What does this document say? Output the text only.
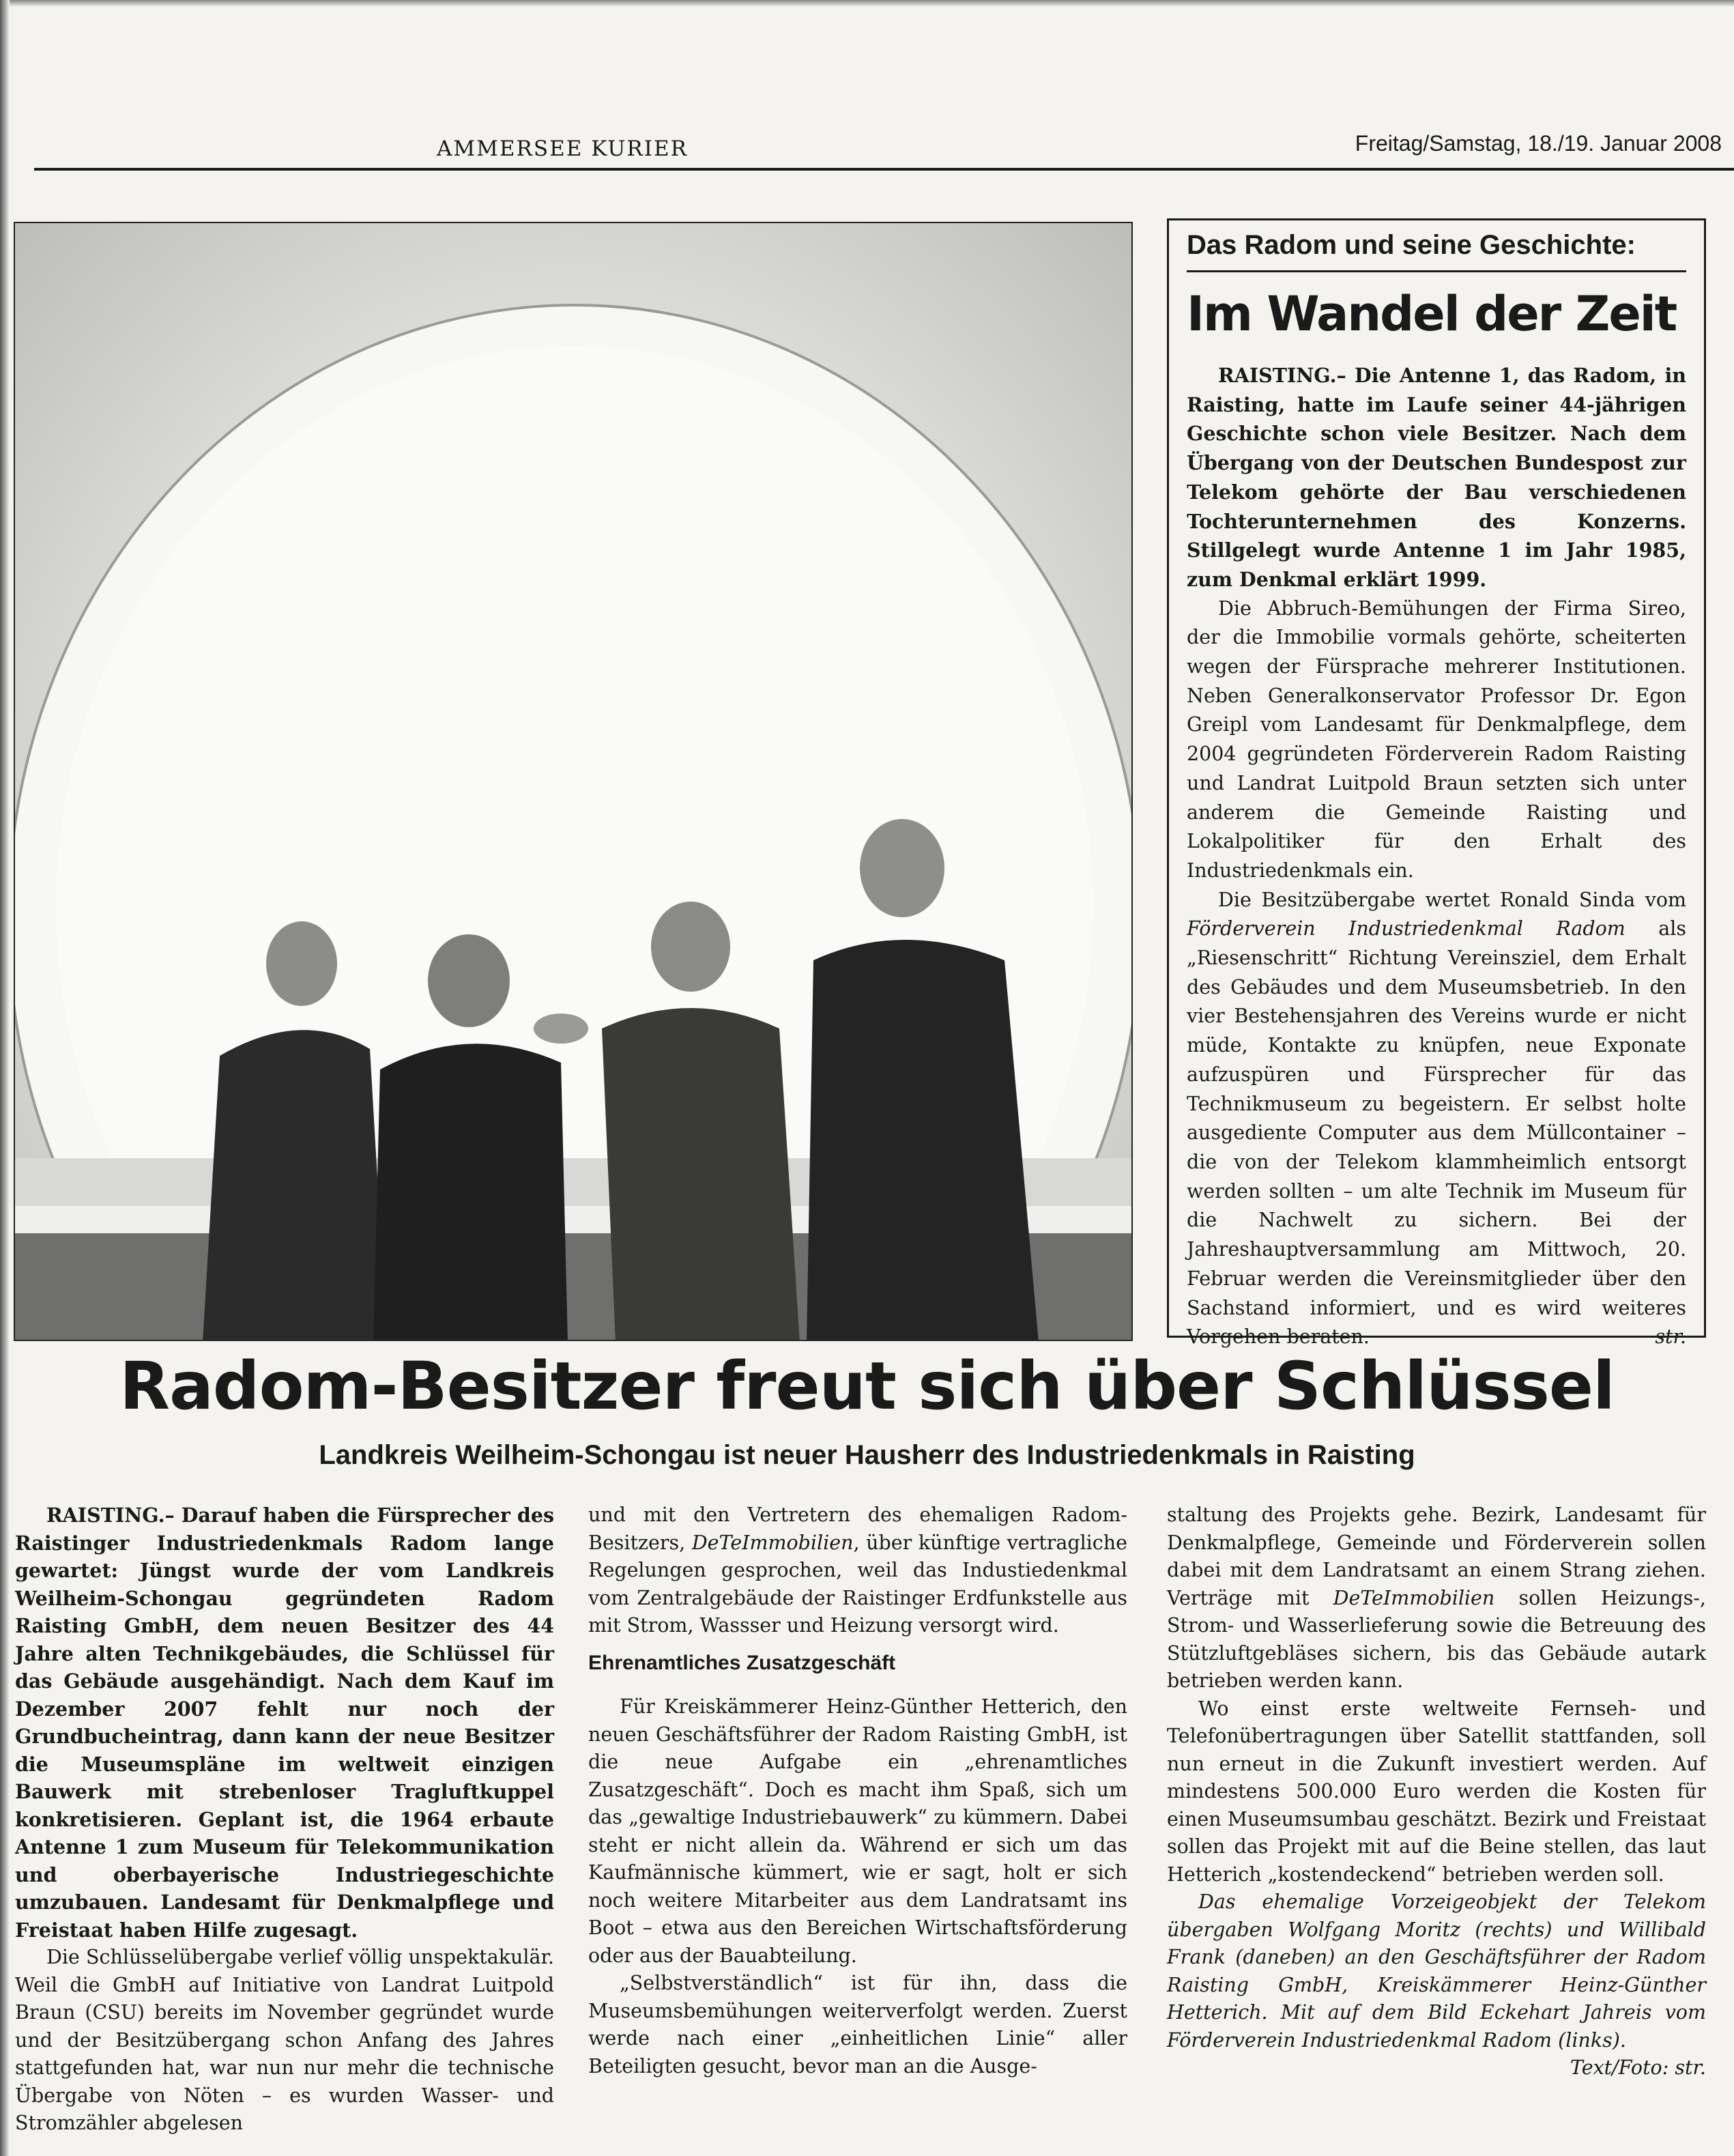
AMMERSEE KURIER	Freitag/Samstag, 18./19. Januar 2008
Das Radom und seine Geschichte:
Im Wandel der Zeit

RAISTING.– Die Antenne 1, das Radom, in Raisting, hatte im Laufe seiner 44-jährigen Geschichte schon viele Besitzer. Nach dem Übergang von der Deutschen Bundespost zur Telekom gehörte der Bau verschiedenen Tochterunternehmen des Konzerns. Stillgelegt wurde Antenne 1 im Jahr 1985, zum Denkmal erklärt 1999.

Die Abbruch-Bemühungen der Firma Sireo, der die Immobilie vormals gehörte, scheiterten wegen der Fürsprache mehrerer Institutionen. Neben Generalkonservator Professor Dr. Egon Greipl vom Landesamt für Denkmalpflege, dem 2004 gegründeten Förderverein Radom Raisting und Landrat Luitpold Braun setzten sich unter anderem die Gemeinde Raisting und Lokalpolitiker für den Erhalt des Industriedenkmals ein.

Die Besitzübergabe wertet Ronald Sinda vom Förderverein Industriedenkmal Radom als „Riesenschritt“ Richtung Vereinsziel, dem Erhalt des Gebäudes und dem Museumsbetrieb. In den vier Bestehensjahren des Vereins wurde er nicht müde, Kontakte zu knüpfen, neue Exponate aufzuspüren und Fürsprecher für das Technikmuseum zu begeistern. Er selbst holte ausgediente Computer aus dem Müllcontainer – die von der Telekom klammheimlich entsorgt werden sollten – um alte Technik im Museum für die Nachwelt zu sichern. Bei der Jahreshauptversammlung am Mittwoch, 20. Februar werden die Vereinsmitglieder über den Sachstand informiert, und es wird weiteres Vorgehen beraten.	str.

Radom-Besitzer freut sich über Schlüssel
Landkreis Weilheim-Schongau ist neuer Hausherr des Industriedenkmals in Raisting

RAISTING.– Darauf haben die Fürsprecher des Raistinger Industriedenkmals Radom lange gewartet: Jüngst wurde der vom Landkreis Weilheim-Schongau gegründeten Radom Raisting GmbH, dem neuen Besitzer des 44 Jahre alten Technikgebäudes, die Schlüssel für das Gebäude ausgehändigt. Nach dem Kauf im Dezember 2007 fehlt nur noch der Grundbucheintrag, dann kann der neue Besitzer die Museumspläne im weltweit einzigen Bauwerk mit strebenloser Tragluftkuppel konkretisieren. Geplant ist, die 1964 erbaute Antenne 1 zum Museum für Telekommunikation und oberbayerische Industriegeschichte umzubauen. Landesamt für Denkmalpflege und Freistaat haben Hilfe zugesagt.

Die Schlüsselübergabe verlief völlig unspektakulär. Weil die GmbH auf Initiative von Landrat Luitpold Braun (CSU) bereits im November gegründet wurde und der Besitzübergang schon Anfang des Jahres stattgefunden hat, war nun nur mehr die technische Übergabe von Nöten – es wurden Wasser- und Stromzähler abgelesen

und mit den Vertretern des ehemaligen Radom-Besitzers, DeTeImmobilien, über künftige vertragliche Regelungen gesprochen, weil das Industiedenkmal vom Zentralgebäude der Raistinger Erdfunkstelle aus mit Strom, Wassser und Heizung versorgt wird.

Ehrenamtliches Zusatzgeschäft

Für Kreiskämmerer Heinz-Günther Hetterich, den neuen Geschäftsführer der Radom Raisting GmbH, ist die neue Aufgabe ein „ehrenamtliches Zusatzgeschäft“. Doch es macht ihm Spaß, sich um das „gewaltige Industriebauwerk“ zu kümmern. Dabei steht er nicht allein da. Während er sich um das Kaufmännische kümmert, wie er sagt, holt er sich noch weitere Mitarbeiter aus dem Landratsamt ins Boot – etwa aus den Bereichen Wirtschaftsförderung oder aus der Bauabteilung.

„Selbstverständlich“ ist für ihn, dass die Museumsbemühungen weiterverfolgt werden. Zuerst werde nach einer „einheitlichen Linie“ aller Beteiligten gesucht, bevor man an die Ausge-

staltung des Projekts gehe. Bezirk, Landesamt für Denkmalpflege, Gemeinde und Förderverein sollen dabei mit dem Landratsamt an einem Strang ziehen. Verträge mit DeTeImmobilien sollen Heizungs-, Strom- und Wasserlieferung sowie die Betreuung des Stützluftgebläses sichern, bis das Gebäude autark betrieben werden kann.

Wo einst erste weltweite Fernseh- und Telefonübertragungen über Satellit stattfanden, soll nun erneut in die Zukunft investiert werden. Auf mindestens 500.000 Euro werden die Kosten für einen Museumsumbau geschätzt. Bezirk und Freistaat sollen das Projekt mit auf die Beine stellen, das laut Hetterich „kostendeckend“ betrieben werden soll.

Das ehemalige Vorzeigeobjekt der Telekom übergaben Wolfgang Moritz (rechts) und Willibald Frank (daneben) an den Geschäftsführer der Radom Raisting GmbH, Kreiskämmerer Heinz-Günther Hetterich. Mit auf dem Bild Eckehart Jahreis vom Förderverein Industriedenkmal Radom (links).

Text/Foto: str.
